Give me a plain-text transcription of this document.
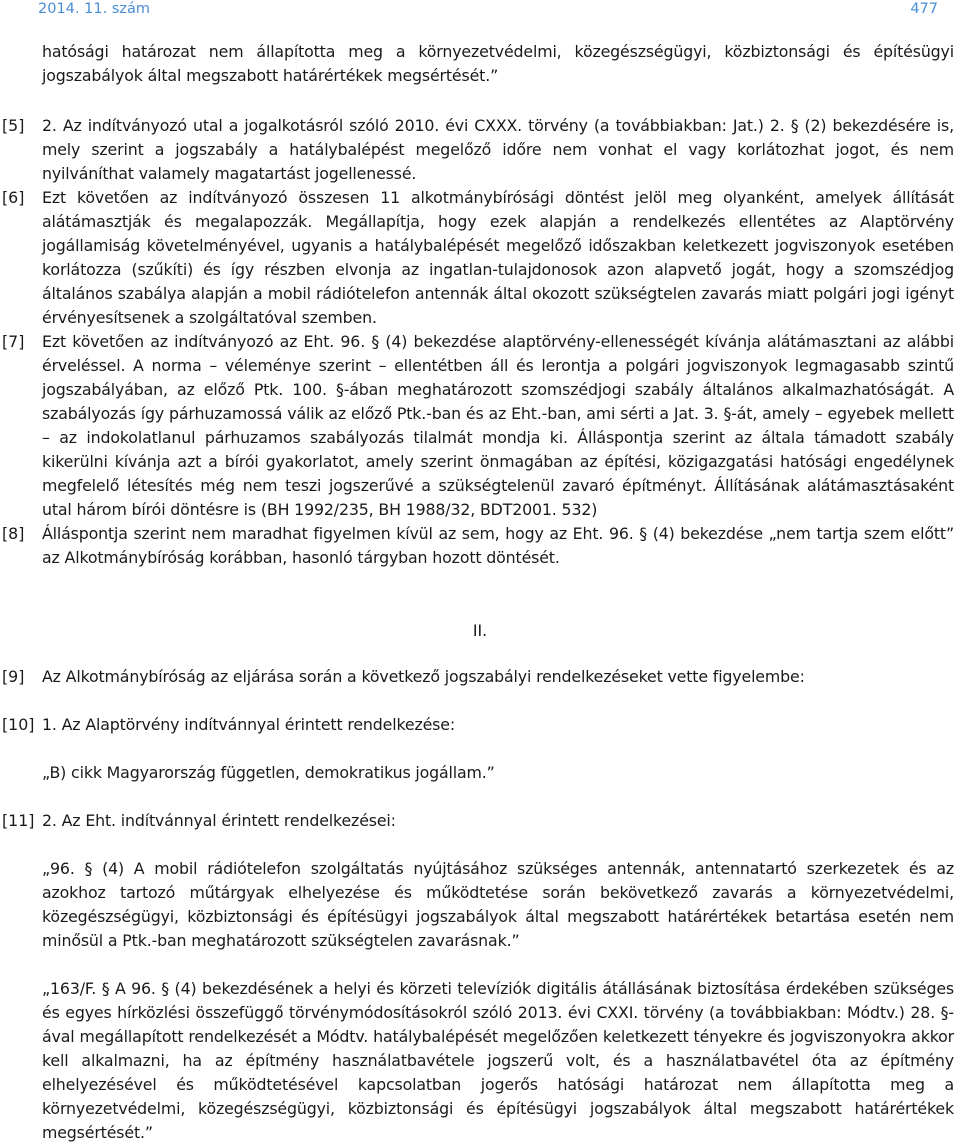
2014. 11. szám	477

hatósági határozat nem állapította meg a környezetvédelmi, közegészségügyi, közbiztonsági és építésügyi jogszabályok által megszabott határértékek megsértését.”

[5]	2. Az indítványozó utal a jogalkotásról szóló 2010. évi CXXX. törvény (a továbbiakban: Jat.) 2. § (2) bekezdésére is, mely szerint a jogszabály a hatálybalépést megelőző időre nem vonhat el vagy korlátozhat jogot, és nem nyilváníthat valamely magatartást jogellenessé.

[6]	Ezt követően az indítványozó összesen 11 alkotmánybírósági döntést jelöl meg olyanként, amelyek állítását alátámasztják és megalapozzák. Megállapítja, hogy ezek alapján a rendelkezés ellentétes az Alaptörvény jogállamiság követelményével, ugyanis a hatálybalépését megelőző időszakban keletkezett jogviszonyok esetében korlátozza (szűkíti) és így részben elvonja az ingatlan-tulajdonosok azon alapvető jogát, hogy a szomszédjog általános szabálya alapján a mobil rádiótelefon antennák által okozott szükségtelen zavarás miatt polgári jogi igényt érvényesítsenek a szolgáltatóval szemben.

[7]	Ezt követően az indítványozó az Eht. 96. § (4) bekezdése alaptörvény-ellenességét kívánja alátámasztani az alábbi érveléssel. A norma – véleménye szerint – ellentétben áll és lerontja a polgári jogviszonyok legmagasabb szintű jogszabályában, az előző Ptk. 100. §-ában meghatározott szomszédjogi szabály általános alkalmazhatóságát. A szabályozás így párhuzamossá válik az előző Ptk.-ban és az Eht.-ban, ami sérti a Jat. 3. §-át, amely – egyebek mellett – az indokolatlanul párhuzamos szabályozás tilalmát mondja ki. Álláspontja szerint az általa támadott szabály kikerülni kívánja azt a bírói gyakorlatot, amely szerint önmagában az építési, közigazgatási hatósági engedélynek megfelelő létesítés még nem teszi jogszerűvé a szükségtelenül zavaró építményt. Állításának alátámasztásaként utal három bírói döntésre is (BH 1992/235, BH 1988/32, BDT2001. 532)

[8]	Álláspontja szerint nem maradhat figyelmen kívül az sem, hogy az Eht. 96. § (4) bekezdése „nem tartja szem előtt” az Alkotmánybíróság korábban, hasonló tárgyban hozott döntését.

II.

[9]	Az Alkotmánybíróság az eljárása során a következő jogszabályi rendelkezéseket vette figyelembe:

[10] 1. Az Alaptörvény indítvánnyal érintett rendelkezése:

„B) cikk Magyarország független, demokratikus jogállam.”

[11] 2. Az Eht. indítvánnyal érintett rendelkezései:

„96. § (4) A mobil rádiótelefon szolgáltatás nyújtásához szükséges antennák, antennatartó szerkezetek és az azokhoz tartozó műtárgyak elhelyezése és működtetése során bekövetkező zavarás a környezetvédelmi, közegészségügyi, közbiztonsági és építésügyi jogszabályok által megszabott határértékek betartása esetén nem minősül a Ptk.-ban meghatározott szükségtelen zavarásnak.”

„163/F. § A 96. § (4) bekezdésének a helyi és körzeti televíziók digitális átállásának biztosítása érdekében szükséges és egyes hírközlési összefüggő törvénymódosításokról szóló 2013. évi CXXI. törvény (a továbbiakban: Módtv.) 28. §-ával megállapított rendelkezését a Módtv. hatálybalépését megelőzően keletkezett tényekre és jogviszonyokra akkor kell alkalmazni, ha az építmény használatbavétele jogszerű volt, és a használatbavétel óta az építmény elhelyezésével és működtetésével kapcsolatban jogerős hatósági határozat nem állapította meg a környezetvédelmi, közegészségügyi, közbiztonsági és építésügyi jogszabályok által megszabott határértékek megsértését.”
